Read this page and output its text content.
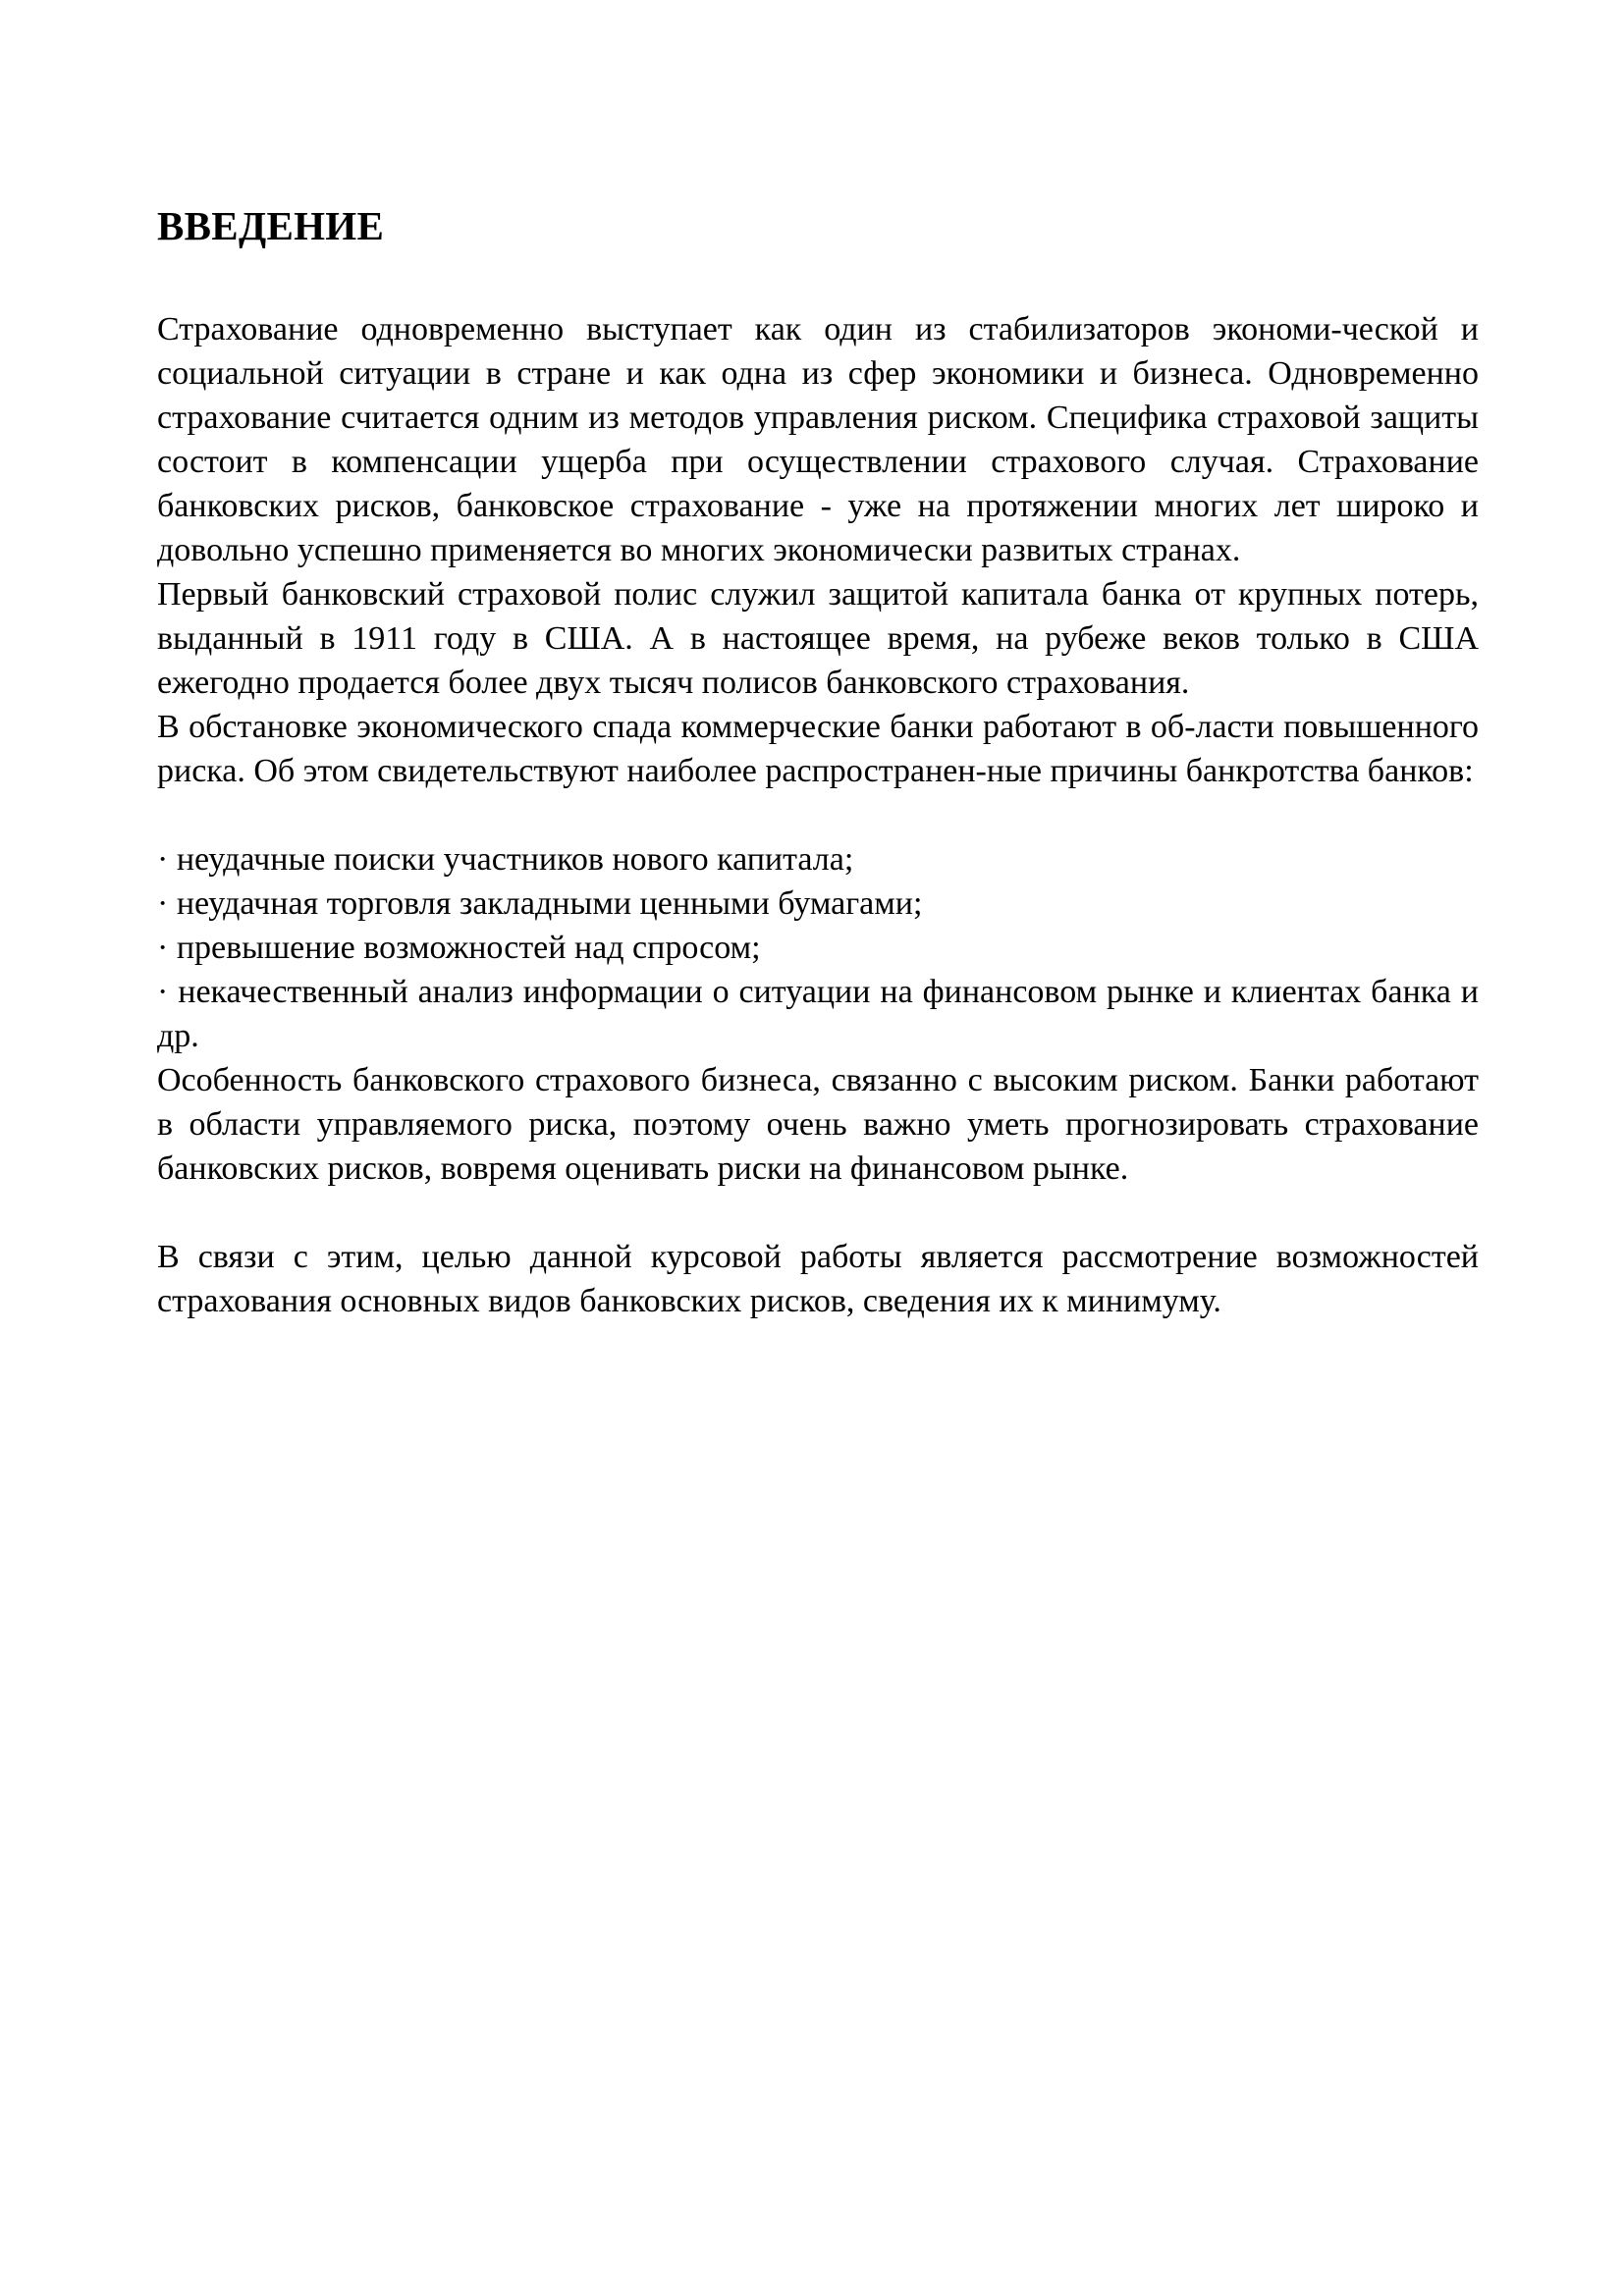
ВВЕДЕНИЕ

Страхование одновременно выступает как один из стабилизаторов экономи-ческой и социальной ситуации в стране и как одна из сфер экономики и бизнеса. Одновременно страхование считается одним из методов управления риском. Специфика страховой защиты состоит в компенсации ущерба при осуществлении страхового случая. Страхование банковских рисков, банковское страхование - уже на протяжении многих лет широко и довольно успешно применяется во многих экономически развитых странах.

Первый банковский страховой полис служил защитой капитала банка от крупных потерь, выданный в 1911 году в США. А в настоящее время, на рубеже веков только в США ежегодно продается более двух тысяч полисов банковского страхования.

В обстановке экономического спада коммерческие банки работают в об-ласти повышенного риска. Об этом свидетельствуют наиболее распространен-ные причины банкротства банков:

· неудачные поиски участников нового капитала;
· неудачная торговля закладными ценными бумагами;
· превышение возможностей над спросом;
· некачественный анализ информации о ситуации на финансовом рынке и клиентах банка и др.

Особенность банковского страхового бизнеса, связанно с высоким риском. Банки работают в области управляемого риска, поэтому очень важно уметь прогнозировать страхование банковских рисков, вовремя оценивать риски на финансовом рынке.

В связи с этим, целью данной курсовой работы является рассмотрение возможностей страхования основных видов банковских рисков, сведения их к минимуму.
